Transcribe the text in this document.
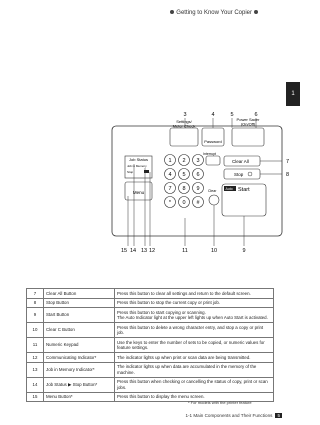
Getting to Know Your Copier
1
Settings/ Meter Check
Password
Power Saver (On/Off)
Job Status
Job in Memory
Stop
Menu
1 2 3
4 5 6
7 8 9
* 0 #
Interrupt
Clear All
Stop
Clear	Auto Start
3	4	5	6
7
8
9
10
11
12
13
14
15
7	Clear All Button	Press this button to clear all settings and return to the default screen.
8	Stop Button	Press this button to stop the current copy or print job.
9	Start Button	Press this button to start copying or scanning.
The Auto Indicator light at the upper left lights up when Auto Start is activated.
10	Clear C Button	Press this button to delete a wrong character entry, and stop a copy or print job.
11	Numeric Keypad	Use the keys to enter the number of sets to be copied, or numeric values for feature settings.
12	Communicating Indicator*	The indicator lights up when print or scan data are being transmitted.
13	Job in Memory Indicator*	The indicator lights up when data are accumulated in the memory of the machine.
14	Job Status ▶ Stop Button*	Press this button when checking or cancelling the status of copy, print or scan jobs.
15	Menu Button*	Press this button to display the menu screen.
* For models with the printer feature
1-1 Main Components and Their Functions 5
